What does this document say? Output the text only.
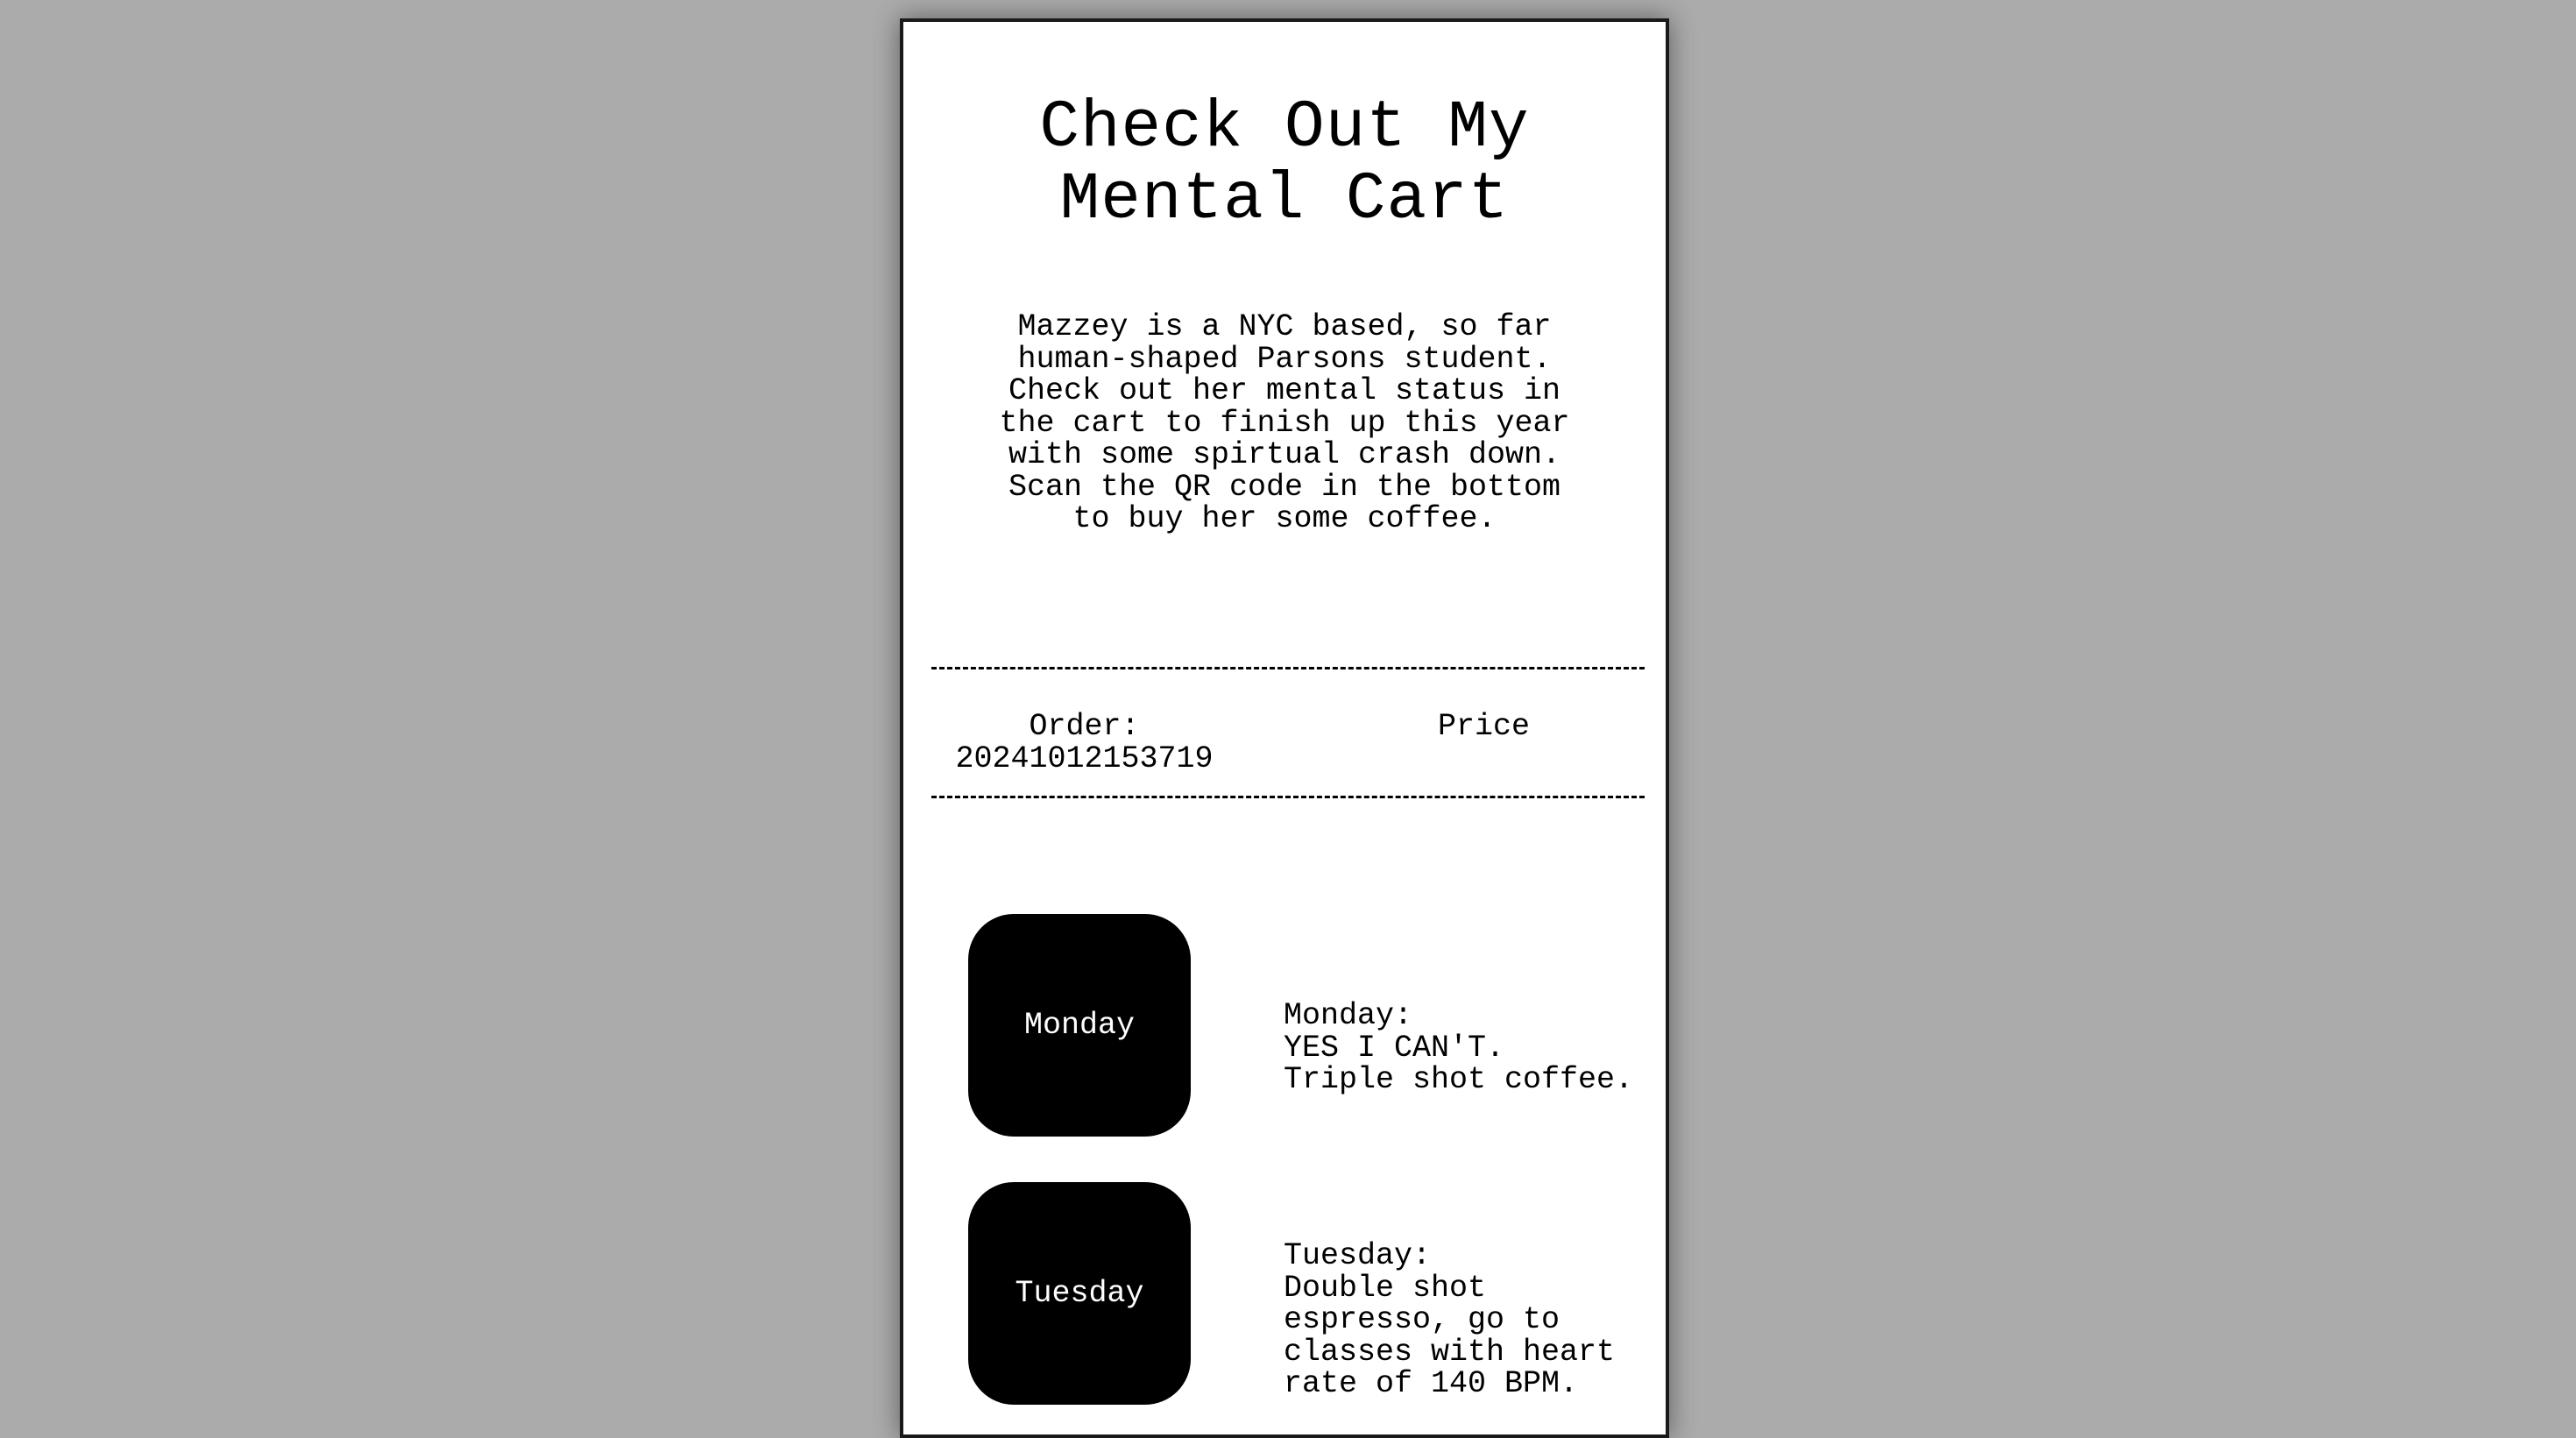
Check Out My
Mental Cart
Mazzey is a NYC based, so far human-shaped Parsons student. Check out her mental status in the cart to finish up this year with some spirtual crash down.
Scan the QR code in the bottom to buy her some coffee.
Order:
20241012153719
Price
Monday	Monday:
YES I CAN'T.
Triple shot coffee.
Tuesday
Tuesday:
Double shot espresso, go to classes with heart rate of 140 BPM.
